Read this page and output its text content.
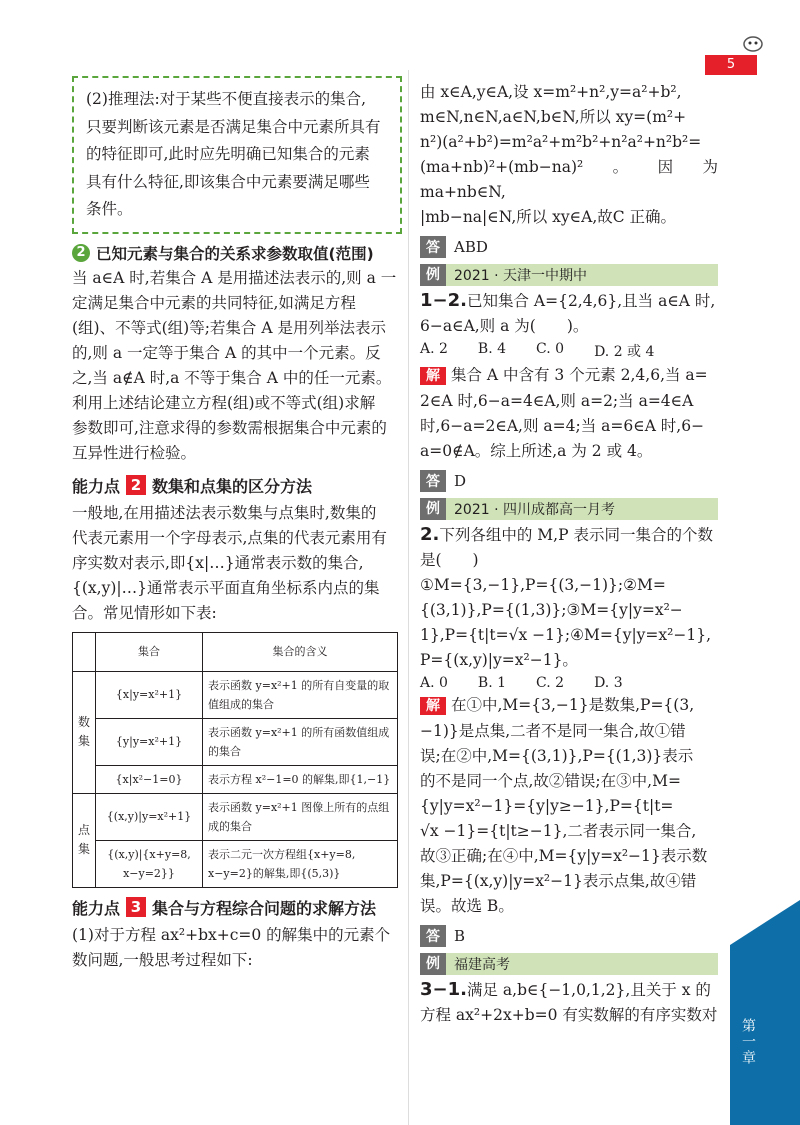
5

(2)推理法:对于某些不便直接表示的集合,

只要判断该元素是否满足集合中元素所具有

的特征即可,此时应先明确已知集合的元素

具有什么特征,即该集合中元素要满足哪些

条件。

2 已知元素与集合的关系求参数取值(范围)

当 a∈A 时,若集合 A 是用描述法表示的,则 a 一

定满足集合中元素的共同特征,如满足方程

(组)、不等式(组)等;若集合 A 是用列举法表示

的,则 a 一定等于集合 A 的其中一个元素。反

之,当 a∉A 时,a 不等于集合 A 中的任一元素。

利用上述结论建立方程(组)或不等式(组)求解

参数即可,注意求得的参数需根据集合中元素的

互异性进行检验。

能力点 2 数集和点集的区分方法

一般地,在用描述法表示数集与点集时,数集的

代表元素用一个字母表示,点集的代表元素用有

序实数对表示,即{x|…}通常表示数的集合,

{(x,y)|…}通常表示平面直角坐标系内点的集

合。常见情形如下表:

	集合	集合的含义
数集	{x|y=x²+1}	表示函数 y=x²+1 的所有自变量的取值组成的集合
	{y|y=x²+1}	表示函数 y=x²+1 的所有函数值组成的集合
	{x|x²−1=0}	表示方程 x²−1=0 的解集,即{1,−1}
点集	{(x,y)|y=x²+1}	表示函数 y=x²+1 图像上所有的点组成的集合
	{(x,y)|{x+y=8, x−y=2}}	表示二元一次方程组{x+y=8, x−y=2}的解集,即{(5,3)}
能力点 3 集合与方程综合问题的求解方法

(1)对于方程 ax²+bx+c=0 的解集中的元素个

数问题,一般思考过程如下:

由 x∈A,y∈A,设 x=m²+n²,y=a²+b²,

m∈N,n∈N,a∈N,b∈N,所以 xy=(m²+

n²)(a²+b²)=m²a²+m²b²+n²a²+n²b²=

(ma+nb)²+(mb−na)²。因为 ma+nb∈N,

|mb−na|∈N,所以 xy∈A,故C 正确。

答 ABD
例	2021 · 天津一中期中

1−2.已知集合 A={2,4,6},且当 a∈A 时,

6−a∈A,则 a 为(　　)。

A. 2 B. 4 C. 0 D. 2 或 4

解 集合 A 中含有 3 个元素 2,4,6,当 a=

2∈A 时,6−a=4∈A,则 a=2;当 a=4∈A

时,6−a=2∈A,则 a=4;当 a=6∈A 时,6−

a=0∉A。综上所述,a 为 2 或 4。

答 D
例	2021 · 四川成都高一月考

2.下列各组中的 M,P 表示同一集合的个数

是(　　)

①M={3,−1},P={(3,−1)};②M=

{(3,1)},P={(1,3)};③M={y|y=x²−

1},P={t|t=√x −1};④M={y|y=x²−1},

P={(x,y)|y=x²−1}。

A. 0 B. 1 C. 2 D. 3

解 在①中,M={3,−1}是数集,P={(3,

−1)}是点集,二者不是同一集合,故①错

误;在②中,M={(3,1)},P={(1,3)}表示

的不是同一个点,故②错误;在③中,M=

{y|y=x²−1}={y|y≥−1},P={t|t=

√x −1}={t|t≥−1},二者表示同一集合,

故③正确;在④中,M={y|y=x²−1}表示数

集,P={(x,y)|y=x²−1}表示点集,故④错

误。故选 B。

答 B
例	福建高考

3−1.满足 a,b∈{−1,0,1,2},且关于 x 的

方程 ax²+2x+b=0 有实数解的有序实数对

第一章
